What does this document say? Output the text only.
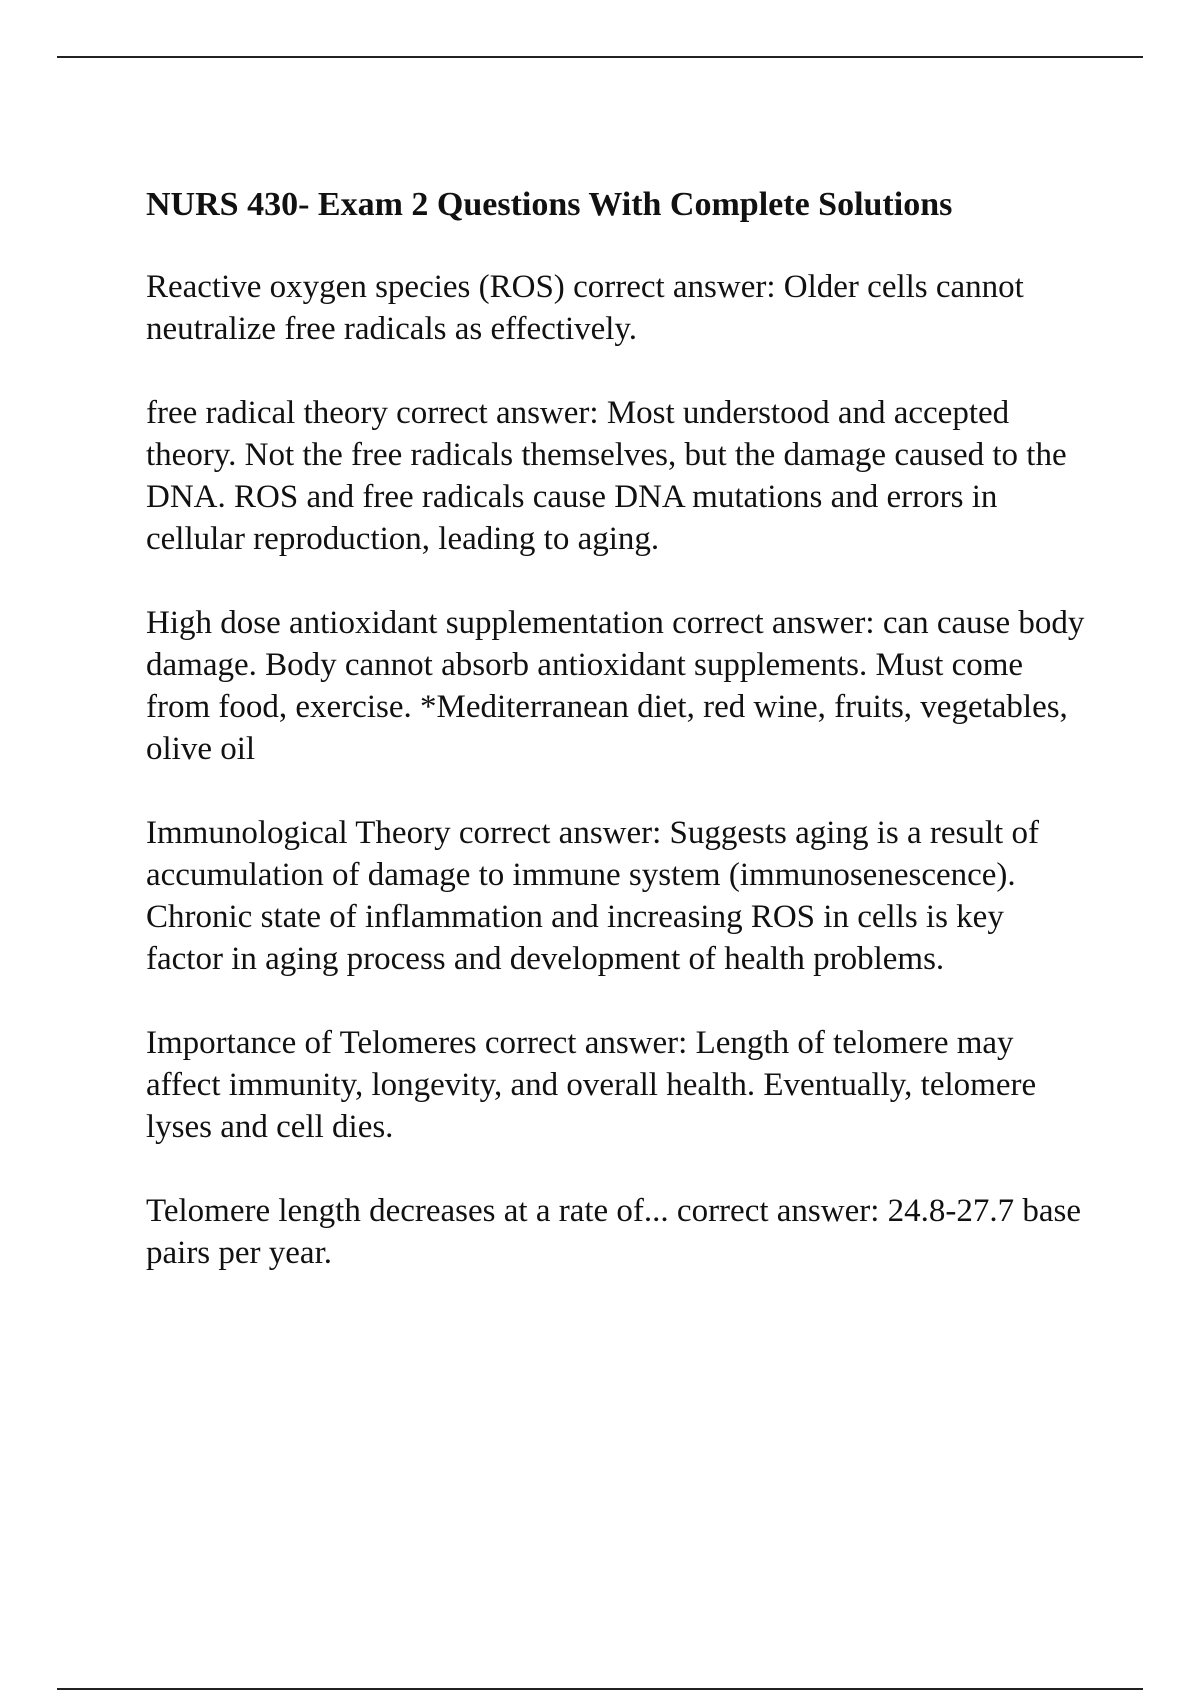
NURS 430- Exam 2 Questions With Complete Solutions

Reactive oxygen species (ROS) correct answer: Older cells cannot neutralize free radicals as effectively.

free radical theory correct answer: Most understood and accepted theory. Not the free radicals themselves, but the damage caused to the DNA. ROS and free radicals cause DNA mutations and errors in cellular reproduction, leading to aging.

High dose antioxidant supplementation correct answer: can cause body damage. Body cannot absorb antioxidant supplements. Must come from food, exercise. *Mediterranean diet, red wine, fruits, vegetables, olive oil

Immunological Theory correct answer: Suggests aging is a result of accumulation of damage to immune system (immunosenescence). Chronic state of inflammation and increasing ROS in cells is key factor in aging process and development of health problems.

Importance of Telomeres correct answer: Length of telomere may affect immunity, longevity, and overall health. Eventually, telomere lyses and cell dies.

Telomere length decreases at a rate of... correct answer: 24.8-27.7 base pairs per year.
